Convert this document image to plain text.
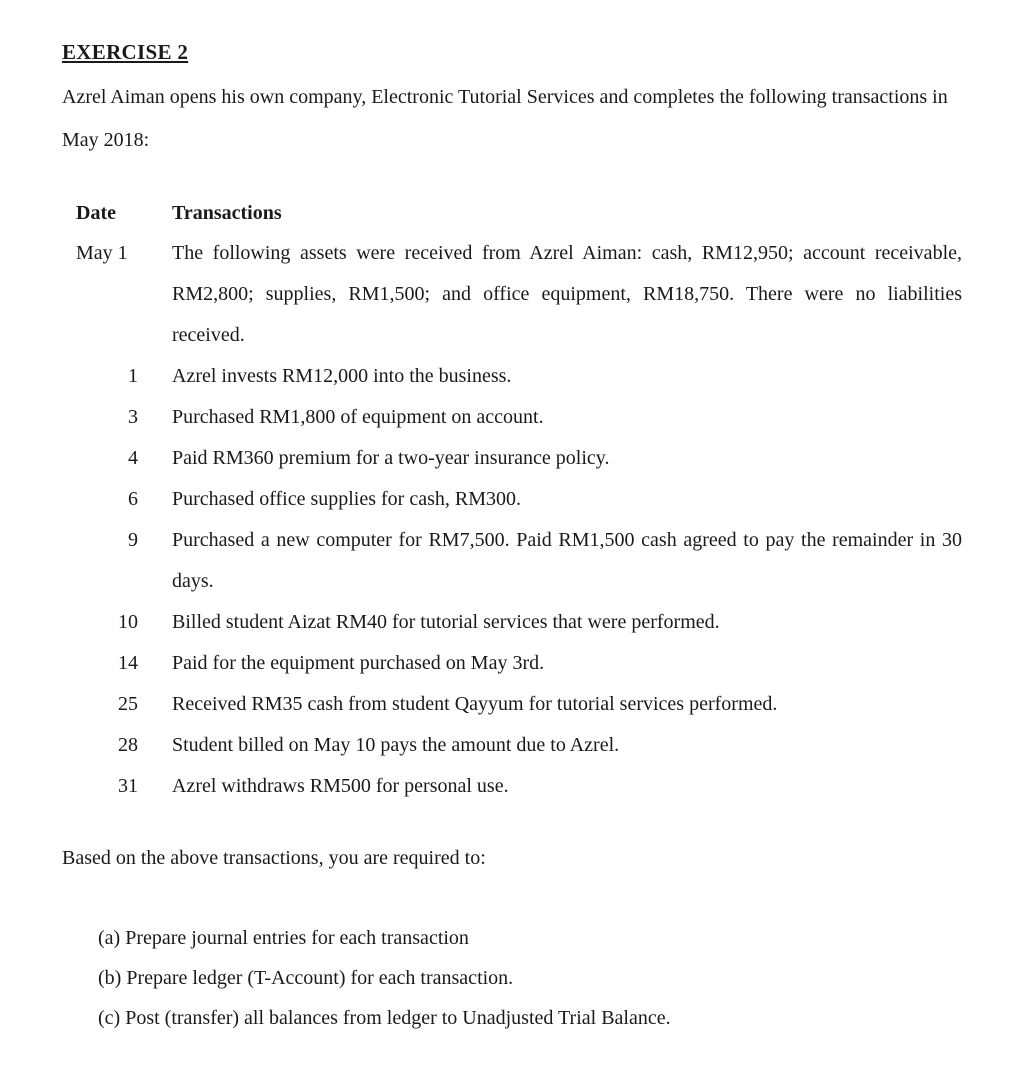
EXERCISE 2
Azrel Aiman opens his own company, Electronic Tutorial Services and completes the following transactions in May 2018:
Date	Transactions
May 1	The following assets were received from Azrel Aiman: cash, RM12,950; account receivable, RM2,800; supplies, RM1,500; and office equipment, RM18,750. There were no liabilities received.
1	Azrel invests RM12,000 into the business.
3	Purchased RM1,800 of equipment on account.
4	Paid RM360 premium for a two-year insurance policy.
6	Purchased office supplies for cash, RM300.
9	Purchased a new computer for RM7,500. Paid RM1,500 cash agreed to pay the remainder in 30 days.
10	Billed student Aizat RM40 for tutorial services that were performed.
14	Paid for the equipment purchased on May 3rd.
25	Received RM35 cash from student Qayyum for tutorial services performed.
28	Student billed on May 10 pays the amount due to Azrel.
31	Azrel withdraws RM500 for personal use.
Based on the above transactions, you are required to:
(a) Prepare journal entries for each transaction
(b) Prepare ledger (T-Account) for each transaction.
(c) Post (transfer) all balances from ledger to Unadjusted Trial Balance.
